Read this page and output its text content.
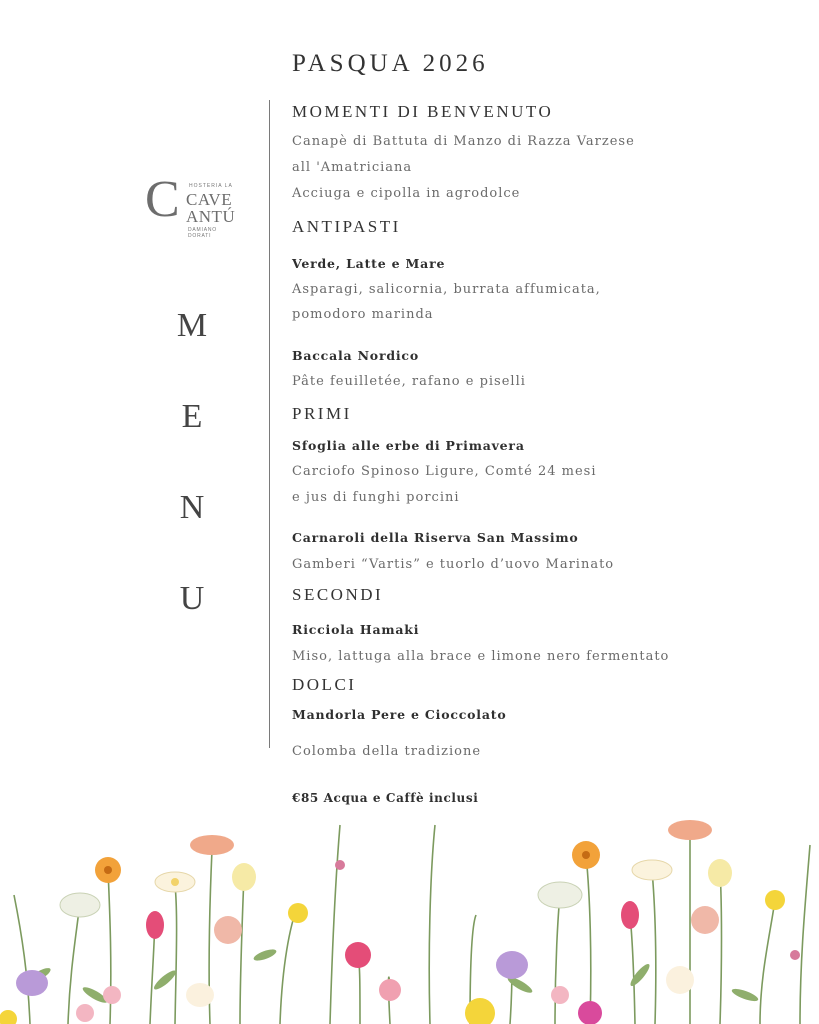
PASQUA 2026
C HOSTERIA LA
CAVE
ANTÚ
DAMIANO DORATI
M
E
N
U
MOMENTI DI BENVENUTO
Canapè di Battuta di Manzo di Razza Varzese
all 'Amatriciana
Acciuga e cipolla in agrodolce
ANTIPASTI
Verde, Latte e Mare
Asparagi, salicornia, burrata affumicata,
pomodoro marinda
Baccala Nordico
Pâte feuilletée, rafano e piselli
PRIMI
Sfoglia alle erbe di Primavera
Carciofo Spinoso Ligure, Comté 24 mesi
e jus di funghi porcini
Carnaroli della Riserva San Massimo
Gamberi “Vartis” e tuorlo d’uovo Marinato
SECONDI
Ricciola Hamaki
Miso, lattuga alla brace e limone nero fermentato
DOLCI
Mandorla Pere e Cioccolato
Colomba della tradizione
€85 Acqua e Caffè inclusi
